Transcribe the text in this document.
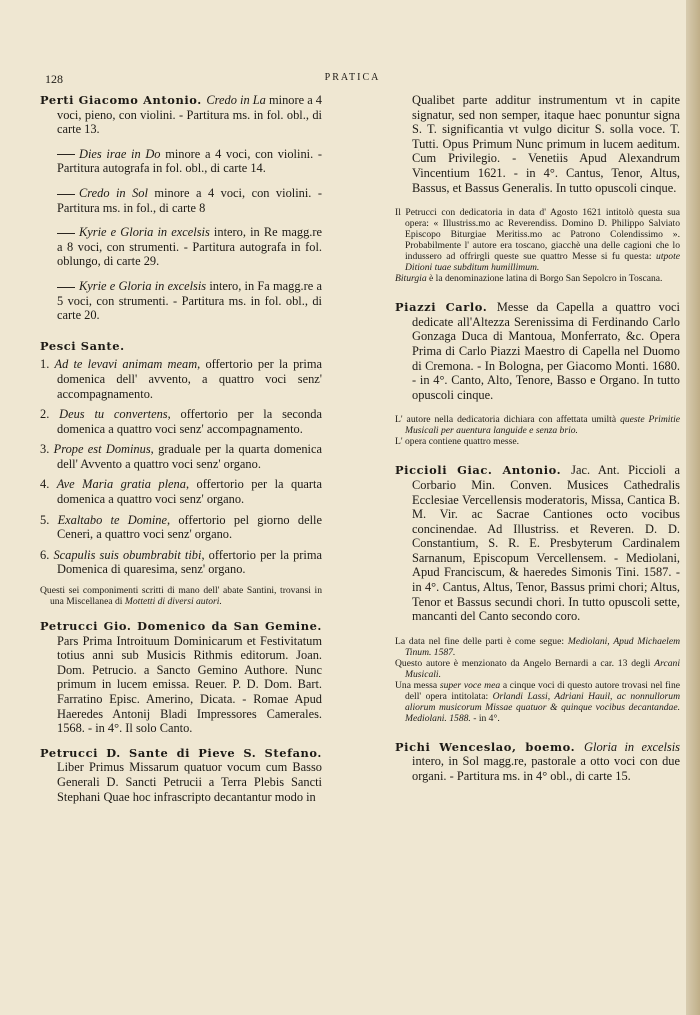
128	PRATICA
Perti Giacomo Antonio. Credo in La minore a 4 voci, pieno, con violini. - Partitura ms. in fol. obl., di carte 13.
Dies irae in Do minore a 4 voci, con violini. - Partitura autografa in fol. obl., di carte 14.
Credo in Sol minore a 4 voci, con violini. - Partitura ms. in fol., di carte 8
Kyrie e Gloria in excelsis intero, in Re magg.re a 8 voci, con strumenti. - Partitura autografa in fol. oblungo, di carte 29.
Kyrie e Gloria in excelsis intero, in Fa magg.re a 5 voci, con strumenti. - Partitura ms. in fol. obl., di carte 20.
Pesci Sante.
1. Ad te levavi animam meam, offertorio per la prima domenica dell' avvento, a quattro voci senz' accompagnamento.
2. Deus tu convertens, offertorio per la seconda domenica a quattro voci senz' accompagnamento.
3. Prope est Dominus, graduale per la quarta domenica dell' Avvento a quattro voci senz' organo.
4. Ave Maria gratia plena, offertorio per la quarta domenica a quattro voci senz' organo.
5. Exaltabo te Domine, offertorio pel giorno delle Ceneri, a quattro voci senz' organo.
6. Scapulis suis obumbrabit tibi, offertorio per la prima Domenica di quaresima, senz' organo.
Questi sei componimenti scritti di mano dell' abate Santini, trovansi in una Miscellanea di Mottetti di diversi autori.
Petrucci Gio. Domenico da San Gemine. Pars Prima Introituum Dominicarum et Festivitatum totius anni sub Musicis Rithmis editorum. Joan. Dom. Petrucio. a Sancto Gemino Authore. Nunc primum in lucem emissa. Reuer. P. D. Dom. Bart. Farratino Episc. Amerino, Dicata. - Romae Apud Haeredes Antonij Bladi Impressores Camerales. 1568. - in 4°. Il solo Canto.
Petrucci D. Sante di Pieve S. Stefano. Liber Primus Missarum quatuor vocum cum Basso Generali D. Sancti Petrucii a Terra Plebis Sancti Stephani Quae hoc infrascripto decantantur modo in
Qualibet parte additur instrumentum vt in capite signatur, sed non semper, itaque haec ponuntur signa S. T. significantia vt vulgo dicitur S. solla voce. T. Tutti. Opus Primum Nunc primum in lucem aeditum. Cum Privilegio. - Venetiis Apud Alexandrum Vincentium 1621. - in 4°. Cantus, Tenor, Altus, Bassus, et Bassus Generalis. In tutto opuscoli cinque.

Il Petrucci con dedicatoria in data d' Agosto 1621 intitolò questa sua opera: « Illustriss.mo ac Reverendiss. Domino D. Philippo Salviato Episcopo Biturgiae Meritiss.mo ac Patrono Colendissimo ». Probabilmente l' autore era toscano, giacchè una delle cagioni che lo indussero ad offrirgli queste sue quattro Messe si fu questa: utpote Ditioni tuae subditum humillimum.

Biturgia è la denominazione latina di Borgo San Sepolcro in Toscana.

Piazzi Carlo. Messe da Capella a quattro voci dedicate all'Altezza Serenissima di Ferdinando Carlo Gonzaga Duca di Mantoua, Monferrato, &c. Opera Prima di Carlo Piazzi Maestro di Capella nel Duomo di Cremona. - In Bologna, per Giacomo Monti. 1680. - in 4°. Canto, Alto, Tenore, Basso e Organo. In tutto opuscoli cinque.

L' autore nella dedicatoria dichiara con affettata umiltà queste Primitie Musicali per auentura languide e senza brio.

L' opera contiene quattro messe.

Piccioli Giac. Antonio. Jac. Ant. Piccioli a Corbario Min. Conven. Musices Cathedralis Ecclesiae Vercellensis moderatoris, Missa, Cantica B. M. Vir. ac Sacrae Cantiones octo vocibus concinendae. Ad Illustriss. et Reveren. D. D. Constantium, S. R. E. Presbyterum Cardinalem Sarnanum, Episcopum Vercellensem. - Mediolani, Apud Franciscum, & haeredes Simonis Tini. 1587. - in 4°. Cantus, Altus, Tenor, Bassus primi chori; Altus, Tenor et Bassus secundi chori. In tutto opuscoli sette, mancanti del Canto secondo coro.

La data nel fine delle parti è come segue: Mediolani, Apud Michaelem Tinum. 1587.

Questo autore è menzionato da Angelo Bernardi a car. 13 degli Arcani Musicali.

Una messa super voce mea a cinque voci di questo autore trovasi nel fine dell' opera intitolata: Orlandi Lassi, Adriani Hauil, ac nonnullorum aliorum musicorum Missae quatuor & quinque vocibus decantandae. Mediolani. 1588. - in 4°.

Pichi Wenceslao, boemo. Gloria in excelsis intero, in Sol magg.re, pastorale a otto voci con due organi. - Partitura ms. in 4° obl., di carte 15.
